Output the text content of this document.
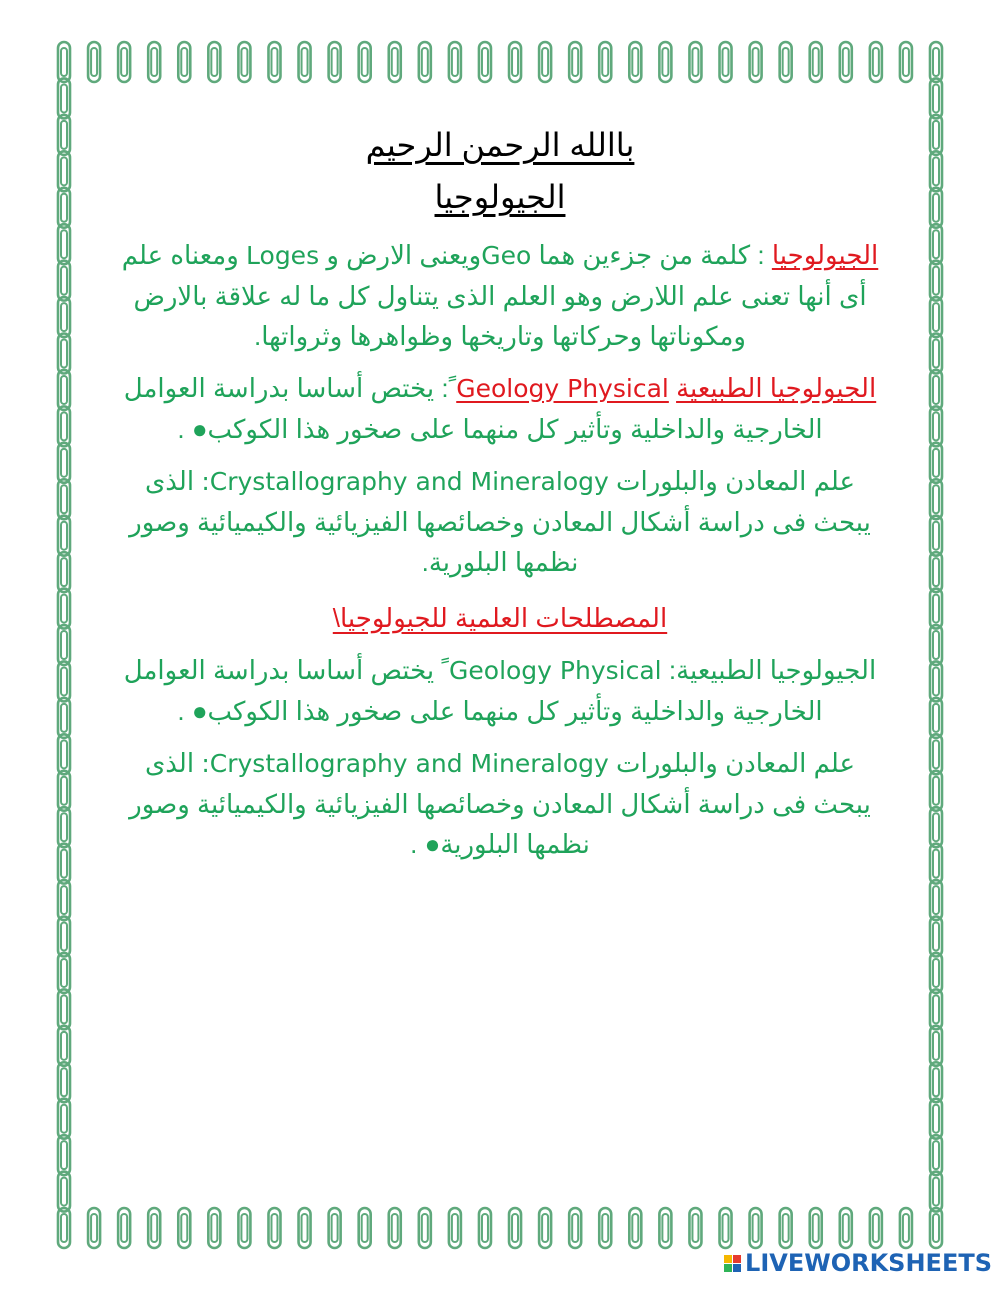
باالله الرحمن الرحيم

الجيولوجيا

الجيولوجيا : كلمة من جزءين هما Geoويعنى الارض و Loges ومعناه علم أى أنها تعنى علم اللارض وهو العلم الذى يتناول كل ما له علاقة بالارض ومكوناتها وحركاتها وتاريخها وظواهرها وثرواتها.

الجيولوجيا الطبيعية Geology Physical ً: يختص أساسا بدراسة العوامل الخارجية والداخلية وتأثير كل منهما على صخور هذا الكوكب● .

علم المعادن والبلورات Crystallography and Mineralogy: الذى يبحث فى دراسة أشكال المعادن وخصائصها الفيزيائية والكيميائية وصور نظمها البلورية.

المصطلحات العلمية للجيولوجيا\

الجيولوجيا الطبيعية: Geology Physical ً يختص أساسا بدراسة العوامل الخارجية والداخلية وتأثير كل منهما على صخور هذا الكوكب● .

علم المعادن والبلورات Crystallography and Mineralogy: الذى يبحث فى دراسة أشكال المعادن وخصائصها الفيزيائية والكيميائية وصور نظمها البلورية● .

LIVEWORKSHEETS
